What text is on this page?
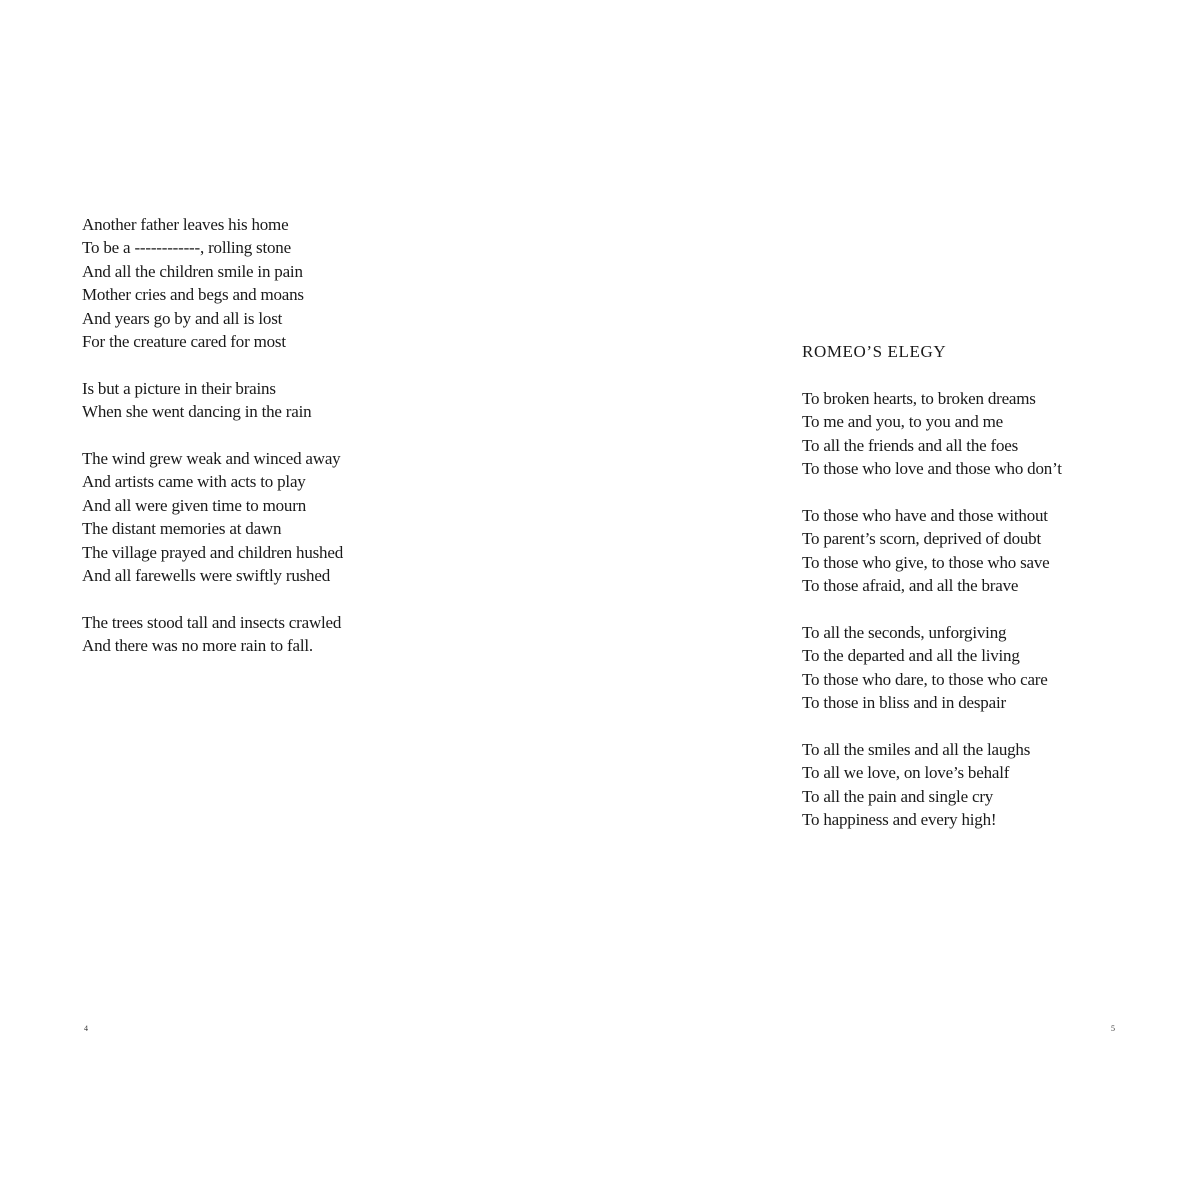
Another father leaves his home
To be a ------------, rolling stone
And all the children smile in pain
Mother cries and begs and moans
And years go by and all is lost
For the creature cared for most

Is but a picture in their brains
When she went dancing in the rain

The wind grew weak and winced away
And artists came with acts to play
And all were given time to mourn
The distant memories at dawn
The village prayed and children hushed
And all farewells were swiftly rushed

The trees stood tall and insects crawled
And there was no more rain to fall.

4
ROMEO’S ELEGY

To broken hearts, to broken dreams
To me and you, to you and me
To all the friends and all the foes
To those who love and those who don’t

To those who have and those without
To parent’s scorn, deprived of doubt
To those who give, to those who save
To those afraid, and all the brave

To all the seconds, unforgiving
To the departed and all the living
To those who dare, to those who care
To those in bliss and in despair

To all the smiles and all the laughs
To all we love, on love’s behalf
To all the pain and single cry
To happiness and every high!

5
